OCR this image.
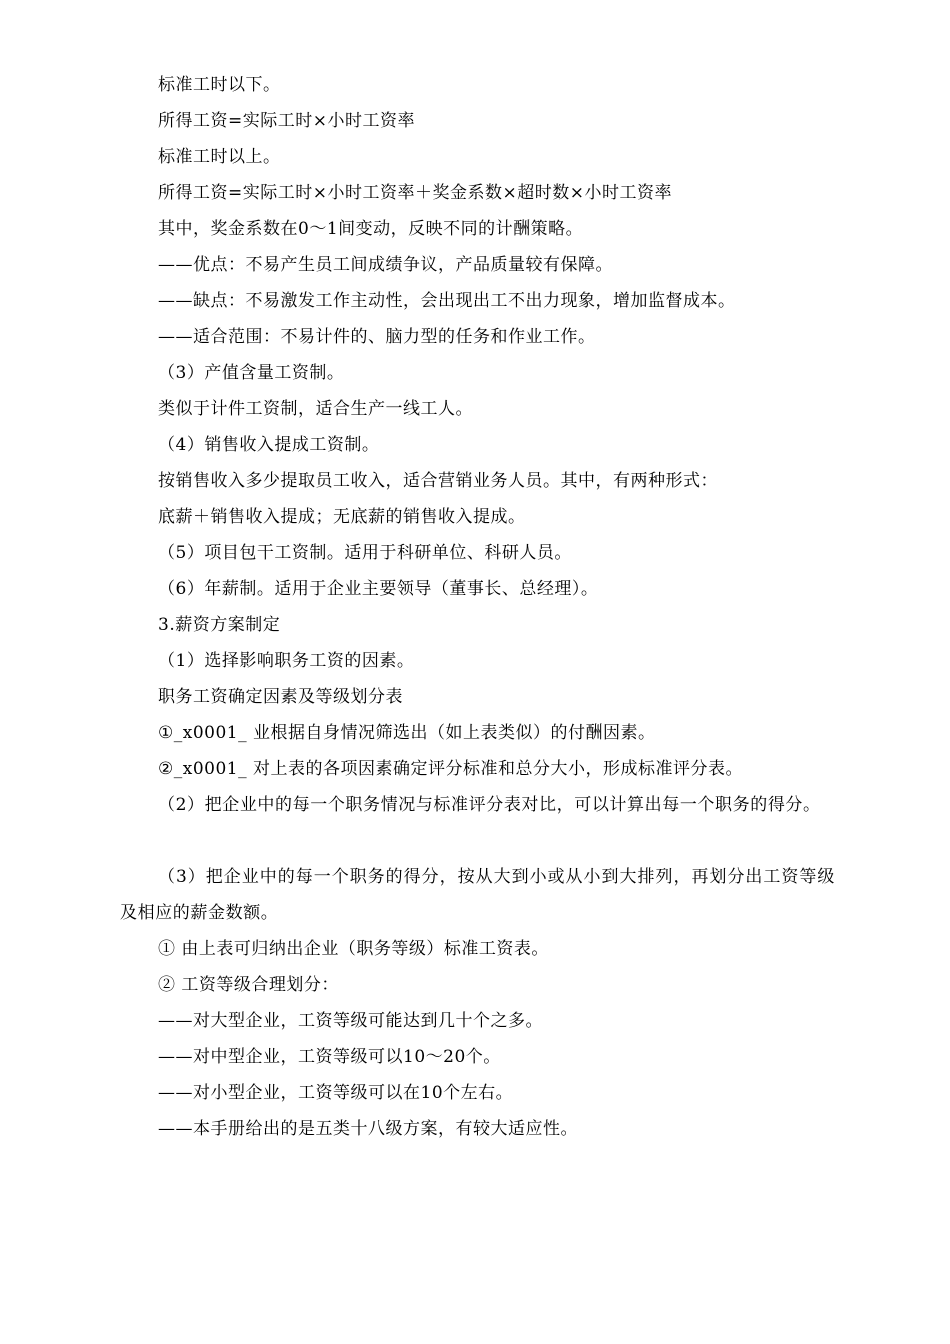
标准工时以下。
所得工资=实际工时×小时工资率
标准工时以上。
所得工资=实际工时×小时工资率＋奖金系数×超时数×小时工资率
其中，奖金系数在0～1间变动，反映不同的计酬策略。
——优点：不易产生员工间成绩争议，产品质量较有保障。
——缺点：不易激发工作主动性，会出现出工不出力现象，增加监督成本。
——适合范围：不易计件的、脑力型的任务和作业工作。
（3）产值含量工资制。
类似于计件工资制，适合生产一线工人。
（4）销售收入提成工资制。
按销售收入多少提取员工收入，适合营销业务人员。其中，有两种形式：
底薪＋销售收入提成；无底薪的销售收入提成。
（5）项目包干工资制。适用于科研单位、科研人员。
（6）年薪制。适用于企业主要领导（董事长、总经理）。
3.薪资方案制定
（1）选择影响职务工资的因素。
职务工资确定因素及等级划分表
①_x0001_ 业根据自身情况筛选出（如上表类似）的付酬因素。
②_x0001_ 对上表的各项因素确定评分标准和总分大小，形成标准评分表。
（2）把企业中的每一个职务情况与标准评分表对比，可以计算出每一个职务的得分。
（3）把企业中的每一个职务的得分，按从大到小或从小到大排列，再划分出工资等级及相应的薪金数额。
① 由上表可归纳出企业（职务等级）标准工资表。
② 工资等级合理划分：
——对大型企业，工资等级可能达到几十个之多。
——对中型企业，工资等级可以10～20个。
——对小型企业，工资等级可以在10个左右。
——本手册给出的是五类十八级方案，有较大适应性。
